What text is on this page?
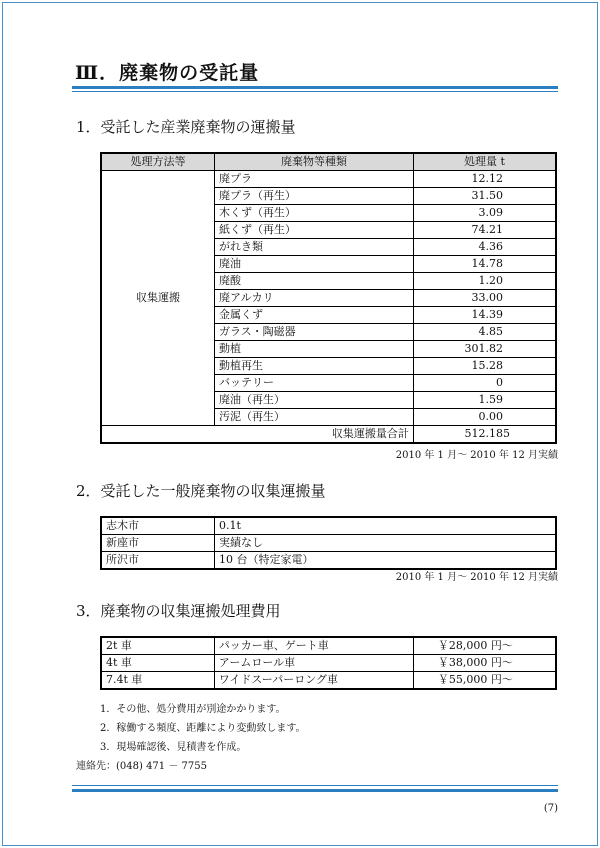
Ⅲ．廃棄物の受託量
1．受託した産業廃棄物の運搬量
処理方法等	廃棄物等種類	処理量 t
収集運搬	廃プラ	12.12
	廃プラ（再生）	31.50
	木くず（再生）	3.09
	紙くず（再生）	74.21
	がれき類	4.36
	廃油	14.78
	廃酸	1.20
	廃アルカリ	33.00
	金属くず	14.39
	ガラス・陶磁器	4.85
	動植	301.82
	動植再生	15.28
	バッテリー	0
	廃油（再生）	1.59
	汚泥（再生）	0.00
収集運搬量合計		512.185
2010 年 1 月～ 2010 年 12 月実績
2．受託した一般廃棄物の収集運搬量
志木市	0.1t
新座市	実績なし
所沢市	10 台（特定家電）
2010 年 1 月～ 2010 年 12 月実績
3．廃棄物の収集運搬処理費用
2t 車	パッカー車、ゲート車	￥28,000 円～
4t 車	アームロール車	￥38,000 円～
7.4t 車	ワイドスーパーロング車	￥55,000 円～
1．その他、処分費用が別途かかります。
2．稼働する頻度、距離により変動致します。
3．現場確認後、見積書を作成。
連絡先：(048) 471 － 7755
(7)
